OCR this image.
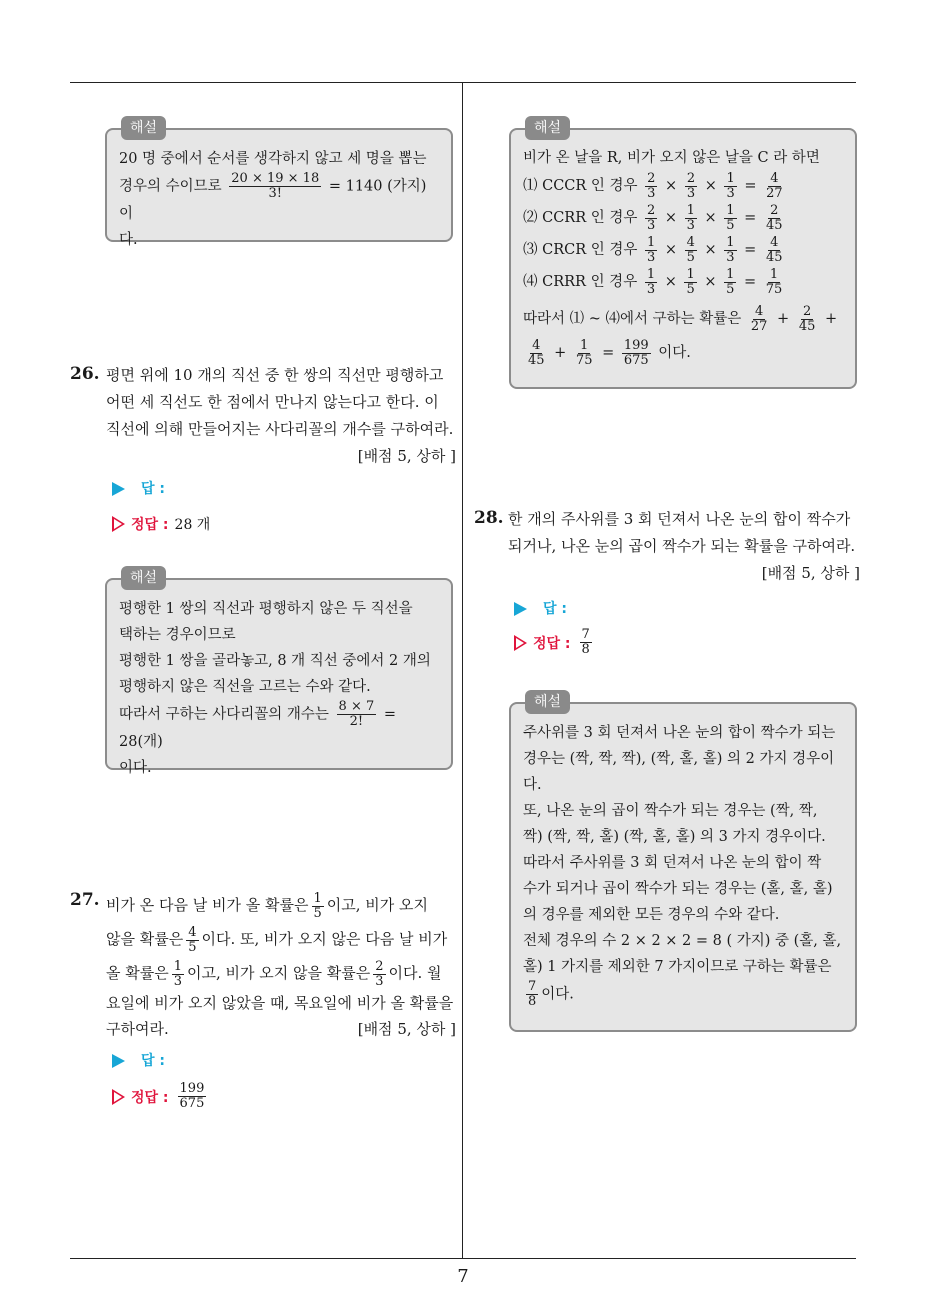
7
해설
20 명 중에서 순서를 생각하지 않고 세 명을 뽑는
경우의 수이므로 $\frac{20 \times 19 \times 18}{3!} = 1140$ (가지) 이
다.
26. 평면 위에 10 개의 직선 중 한 쌍의 직선만 평행하고
어떤 세 직선도 한 점에서 만나지 않는다고 한다. 이
직선에 의해 만들어지는 사다리꼴의 개수를 구하여라.
[배점 5, 상하 ]
답 :
정답 : 28 개
해설
평행한 1 쌍의 직선과 평행하지 않은 두 직선을
택하는 경우이므로
평행한 1 쌍을 골라놓고, 8 개 직선 중에서 2 개의
평행하지 않은 직선을 고르는 수와 같다.
따라서 구하는 사다리꼴의 개수는 $\frac{8 \times 7}{2!} = 28$(개)
이다.
27. 비가 온 다음 날 비가 올 확률은 $\frac{1}{5}$ 이고, 비가 오지
않을 확률은 $\frac{4}{5}$ 이다. 또, 비가 오지 않은 다음 날 비가
올 확률은 $\frac{1}{3}$ 이고, 비가 오지 않을 확률은 $\frac{2}{3}$ 이다. 월
요일에 비가 오지 않았을 때, 목요일에 비가 올 확률을
구하여라.	[배점 5, 상하 ]
답 :
정답 : $\frac{199}{675}$
해설
비가 온 날을 R, 비가 오지 않은 날을 C 라 하면
⑴ CCCR 인 경우 $\frac{2}{3} \times \frac{2}{3} \times \frac{1}{3} = \frac{4}{27}$
⑵ CCRR 인 경우 $\frac{2}{3} \times \frac{1}{3} \times \frac{1}{5} = \frac{2}{45}$
⑶ CRCR 인 경우 $\frac{1}{3} \times \frac{4}{5} \times \frac{1}{3} = \frac{4}{45}$
⑷ CRRR 인 경우 $\frac{1}{3} \times \frac{1}{5} \times \frac{1}{5} = \frac{1}{75}$
따라서 ⑴ ~ ⑷에서 구하는 확률은 $\frac{4}{27} + \frac{2}{45}$ +
$\frac{4}{45} + \frac{1}{75} = \frac{199}{675}$ 이다.
28. 한 개의 주사위를 3 회 던져서 나온 눈의 합이 짝수가
되거나, 나온 눈의 곱이 짝수가 되는 확률을 구하여라.
[배점 5, 상하 ]
답 :
정답 : $\frac{7}{8}$
해설
주사위를 3 회 던져서 나온 눈의 합이 짝수가 되는
경우는 (짝, 짝, 짝), (짝, 홀, 홀) 의 2 가지 경우이
다.
또, 나온 눈의 곱이 짝수가 되는 경우는 (짝, 짝,
짝) (짝, 짝, 홀) (짝, 홀, 홀) 의 3 가지 경우이다.
따라서 주사위를 3 회 던져서 나온 눈의 합이 짝
수가 되거나 곱이 짝수가 되는 경우는 (홀, 홀, 홀)
의 경우를 제외한 모든 경우의 수와 같다.
전체 경우의 수 2 × 2 × 2 = 8 ( 가지) 중 (홀, 홀,
홀) 1 가지를 제외한 7 가지이므로 구하는 확률은
$\frac{7}{8}$ 이다.
